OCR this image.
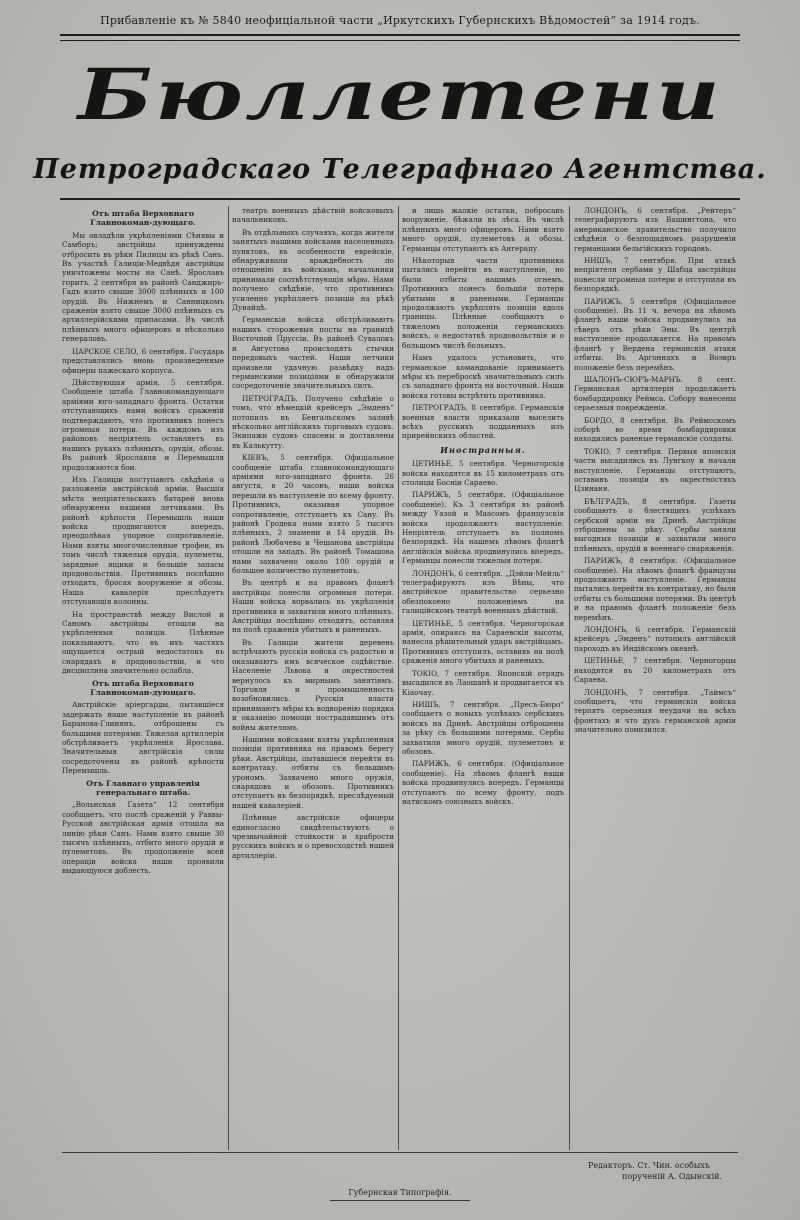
Прибавленіе къ № 5840 неофиціальной части „Иркутскихъ Губернскихъ Вѣдомостей“ за 1914 годъ.
Бюллетени
Петроградскаго Телеграфнаго Агентства.

Отъ штаба Верховнаго Главнокоман-дующаго.

Мы овладѣли укрѣпленіями Сѣнявы и Самборъ; австрійцы принуждены отбросить въ рѣки Пилицы къ рѣкѣ Санъ. Въ участкѣ Галиціи-Медвѣдя австрійцы уничтожены мосты на Санѣ. Ярославъ горитъ. 2 сентября въ районѣ Санджиръ-Гадъ взято свыше 3000 плѣнныхъ и 100 орудій. Въ Нижнемъ и Санницкомъ сраженіи взято свыше 3000 плѣнныхъ съ артиллерійскими припасами. Въ числѣ плѣнныхъ много офицеровъ и нѣсколько генераловъ.

ЦАРСКОЕ СЕЛО, 6 сентября. Государь представлялись вновь произведенные офицеры пажескаго корпуса.

Дѣйствующая армія, 5 сентября. Сообщеніе штаба Главнокомандующаго арміями юго-западнаго фронта. Остатки отступающихъ нами войскъ сраженій подтверждаютъ, что противникъ понесъ огромныя потери. Въ каждомъ изъ районовъ непріятель оставляетъ въ нашихъ рукахъ плѣнныхъ, орудія, обозы. Въ районѣ Ярославля и Перемышля продолжаются бои.

Изъ Галиціи поступаютъ свѣдѣнія о разложеніи австрійской арміи. Высшія мѣста непріятельскихъ батарей вновь обнаружены нашими летчиками. Въ районѣ крѣпости Перемышль наши войска продвигаются впередъ, преодолѣвая упорное сопротивленіе. Нами взяты многочисленные трофеи, въ томъ числѣ тяжелыя орудія, пулеметы, зарядные ящики и большіе запасы продовольствія. Противникъ поспѣшно отходитъ, бросая вооруженіе и обозы. Наша кавалерія преслѣдуетъ отступающія колонны.

На пространствѣ между Вислой и Саномъ австрійцы отошли на укрѣпленныя позиціи. Плѣнные показываютъ, что въ ихъ частяхъ ощущается острый недостатокъ въ снарядахъ и продовольствіи, и что дисциплина значительно ослабла.

Отъ штаба Верховнаго Главнокоман-дующаго.

Австрійскіе аріергарды, пытавшіеся задержать наше наступленіе въ районѣ Баранова-Глинянъ, отброшены съ большими потерями. Тяжелая артиллерія обстрѣливаетъ укрѣпленія Ярослава. Значительныя австрійскія силы сосредоточены въ районѣ крѣпости Перемышль.

Отъ Главнаго управленія генеральнаго штаба.

„Вольнская Газета“ 12 сентября сообщаетъ, что послѣ сраженій у Раввы-Русской австрійская армія отошла на линію рѣки Санъ. Нами взято свыше 30 тысячъ плѣнныхъ, отбито много орудій и пулеметовъ. Въ продолженіе всей операціи войска наши проявили выдающуюся доблесть.

театръ военныхъ дѣйствій войсковыхъ начальниковъ.

Въ отдѣльныхъ случаяхъ, когда жители занятыхъ нашими войсками населенныхъ пунктовъ, въ особенности еврейскіе, обнаруживали враждебность по отношенію къ войскамъ, начальники принимали соотвѣтствующія мѣры. Нами получено свѣдѣніе, что противникъ усиленно укрѣпляетъ позиціи на рѣкѣ Дунайцѣ.

Германскія войска обстрѣливаютъ нашихъ сторожевыя посты на границѣ Восточной Пруссіи. Въ районѣ Сувалокъ и Августова происходятъ стычки передовыхъ частей. Наши летчики произвели удачную развѣдку надъ германскими позиціями и обнаружили сосредоточеніе значительныхъ силъ.

ПЕТРОГРАДЪ. Получено свѣдѣніе о томъ, что нѣмецкій крейсеръ „Эмденъ“ потопилъ въ Бенгальскомъ заливѣ нѣсколько англійскихъ торговыхъ судовъ. Экипажи судовъ спасены и доставлены въ Калькутту.

КІЕВЪ, 5 сентября. Офиціальное сообщеніе штаба главнокомандующаго арміями юго-западнаго фронта. 26 августа, в 20 часовъ, наши войска перешли въ наступленіе по всему фронту. Противникъ, оказывая упорное сопротивленіе, отступаетъ къ Сану. Въ районѣ Гродека нами взято 5 тысячъ плѣнныхъ, 2 знамени и 14 орудій. Въ районѣ Любачева и Чешанова австрійцы отошли на западъ. Въ районѣ Томашова нами захвачено около 100 орудій и большое количество пулеметовъ.

Въ центрѣ и на правомъ флангѣ австрійцы понесли огромныя потери. Наши войска ворвались въ укрѣпленія противника и захватили много плѣнныхъ. Австрійцы поспѣшно отходятъ, оставляя на полѣ сраженія убитыхъ и раненыхъ.

Въ Галиціи жители деревень встрѣчаютъ русскія войска съ радостью и оказываютъ имъ всяческое содѣйствіе. Населеніе Львова и окрестностей вернулось къ мирнымъ занятіямъ. Торговля и промышленность возобновились. Русскія власти принимаютъ мѣры къ водворенію порядка и оказанію помощи пострадавшимъ отъ войны жителямъ.

Нашими войсками взяты укрѣпленныя позиціи противника на правомъ берегу рѣки. Австрійцы, пытавшіеся перейти въ контратаку, отбиты съ большимъ урономъ. Захвачено много оружія, снарядовъ и обозовъ. Противникъ отступаетъ въ безпорядкѣ, преслѣдуемый нашей кавалеріей.

Плѣнные австрійскіе офицеры единогласно свидѣтельствуютъ о чрезвычайной стойкости и храбрости русскихъ войскъ и о превосходствѣ нашей артиллеріи.

и лишь жалкіе остатки, побросавъ вооруженіе, бѣжали въ лѣса. Въ числѣ плѣнныхъ много офицеровъ. Нами взято много орудій, пулеметовъ и обозы. Германцы отступаютъ къ Ангерапу.

Нѣкоторыя части противника пытались перейти въ наступленіе, но были отбиты нашимъ огнемъ. Противникъ понесъ большія потери убитыми и ранеными. Германцы продолжаютъ укрѣплять позиціи вдоль границы. Плѣнные сообщаютъ о тяжеломъ положеніи германскихъ войскъ, о недостаткѣ продовольствія и о большомъ числѣ больныхъ.

Намъ удалось установить, что германское командованіе принимаетъ мѣры къ переброскѣ значительныхъ силъ съ западнаго фронта на восточный. Наши войска готовы встрѣтить противника.

ПЕТРОГРАДЪ, 8 сентября. Германскія военныя власти приказали выселить всѣхъ русскихъ подданныхъ изъ прирейнскихъ областей.

Иностранныя.

ЦЕТИНЬЕ, 5 сентября. Черногорскія войска находятся въ 15 километрахъ отъ столицы Босніи Сараево.

ПАРИЖЪ, 5 сентября. (Офиціальное сообщеніе). Къ 3 сентября въ районѣ между Уазой и Маасомъ французскія войска продолжаютъ наступленіе. Непріятель отступаетъ въ полномъ безпорядкѣ. На нашемъ лѣвомъ флангѣ англійскія войска продвинулись впередъ. Германцы понесли тяжелыя потери.

ЛОНДОНЪ, 6 сентября. „Дэйли-Мейль“ телеграфируютъ изъ Вѣны, что австрійское правительство серьезно обезпокоено положеніемъ на галиційскомъ театрѣ военныхъ дѣйствій.

ЦЕТИНЬЕ, 5 сентября. Черногорская армія, опираясь на Сараевскія высоты, нанесла рѣшительный ударъ австрійцамъ. Противникъ отступилъ, оставивъ на полѣ сраженія много убитыхъ и раненыхъ.

ТОКІО, 7 сентября. Японскій отрядъ высадился въ Лаошанѣ и продвигается къ Кіаочау.

НИШЪ, 7 сентября. „Пресъ-Бюро“ сообщаетъ о новыхъ успѣхахъ сербскихъ войскъ на Дринѣ. Австрійцы отброшены за рѣку съ большими потерями. Сербы захватили много орудій, пулеметовъ и обозовъ.

ПАРИЖЪ, 6 сентября. (Офиціальное сообщеніе). На лѣвомъ флангѣ наши войска продвинулись впередъ. Германцы отступаютъ по всему фронту, подъ натискомъ союзныхъ войскъ.

ЛОНДОНЪ, 6 сентября. „Рейтеръ“ телеграфируютъ изъ Вашингтона, что американское правительство получило свѣдѣнія о безпощадномъ разрушеніи германцами бельгійскихъ городовъ.

НИШЪ, 7 сентября. При атакѣ непріятеля сербами у Шабца австрійцы понесли огромныя потери и отступили въ безпорядкѣ.

ПАРИЖЪ, 5 сентября (Офиціальное сообщеніе). Въ 11 ч. вечера на лѣвомъ флангѣ наши войска продвинулись на сѣверъ отъ рѣки Эны. Въ центрѣ наступленіе продолжается. На правомъ флангѣ у Вердена германскія атаки отбиты. Въ Аргоннахъ и Воэвръ положеніе безъ перемѣнъ.

ШАЛОНЪ-СЮРЪ-МАРНЪ. 8 сент. Германская артиллерія продолжаетъ бомбардировку Реймса. Собору нанесены серьезныя поврежденія.

БОРДО, 8 сентября. Въ Реймсскомъ соборѣ во время бомбардировки находились раненые германскіе солдаты.

ТОКІО, 7 сентября. Первыя японскія части высадились въ Лунгкоу и начали наступленіе. Германцы отступаютъ, оставивъ позиціи въ окрестностяхъ Цзинаня.

БѢЛГРАДЪ, 8 сентября. Газеты сообщаютъ о блестящихъ успѣхахъ сербской арміи на Дринѣ. Австрійцы отброшены за рѣку. Сербы заняли выгодныя позиціи и захватили много плѣнныхъ, орудій и военнаго снаряженія.

ПАРИЖЪ, 8 сентября. (Офиціальное сообщеніе). На лѣвомъ флангѣ французы продолжаютъ наступленіе. Германцы пытались перейти въ контратаку, но были отбиты съ большими потерями. Въ центрѣ и на правомъ флангѣ положеніе безъ перемѣнъ.

ЛОНДОНЪ, 6 сентября. Германскій крейсеръ „Эмденъ“ потопилъ англійскій пароходъ въ Индійскомъ океанѣ.

ЦЕТИНЬЕ, 7 сентября. Черногорцы находятся въ 20 километрахъ отъ Сараева.

ЛОНДОНЪ, 7 сентября. „Таймсъ“ сообщаетъ, что германскія войска терпятъ серьезныя неудачи на всѣхъ фронтахъ и что духъ германской арміи значительно понизился.

Редакторъ. Ст. Чин. особыхъ
порученій А. Одынскій.
Губернская Типографія.
